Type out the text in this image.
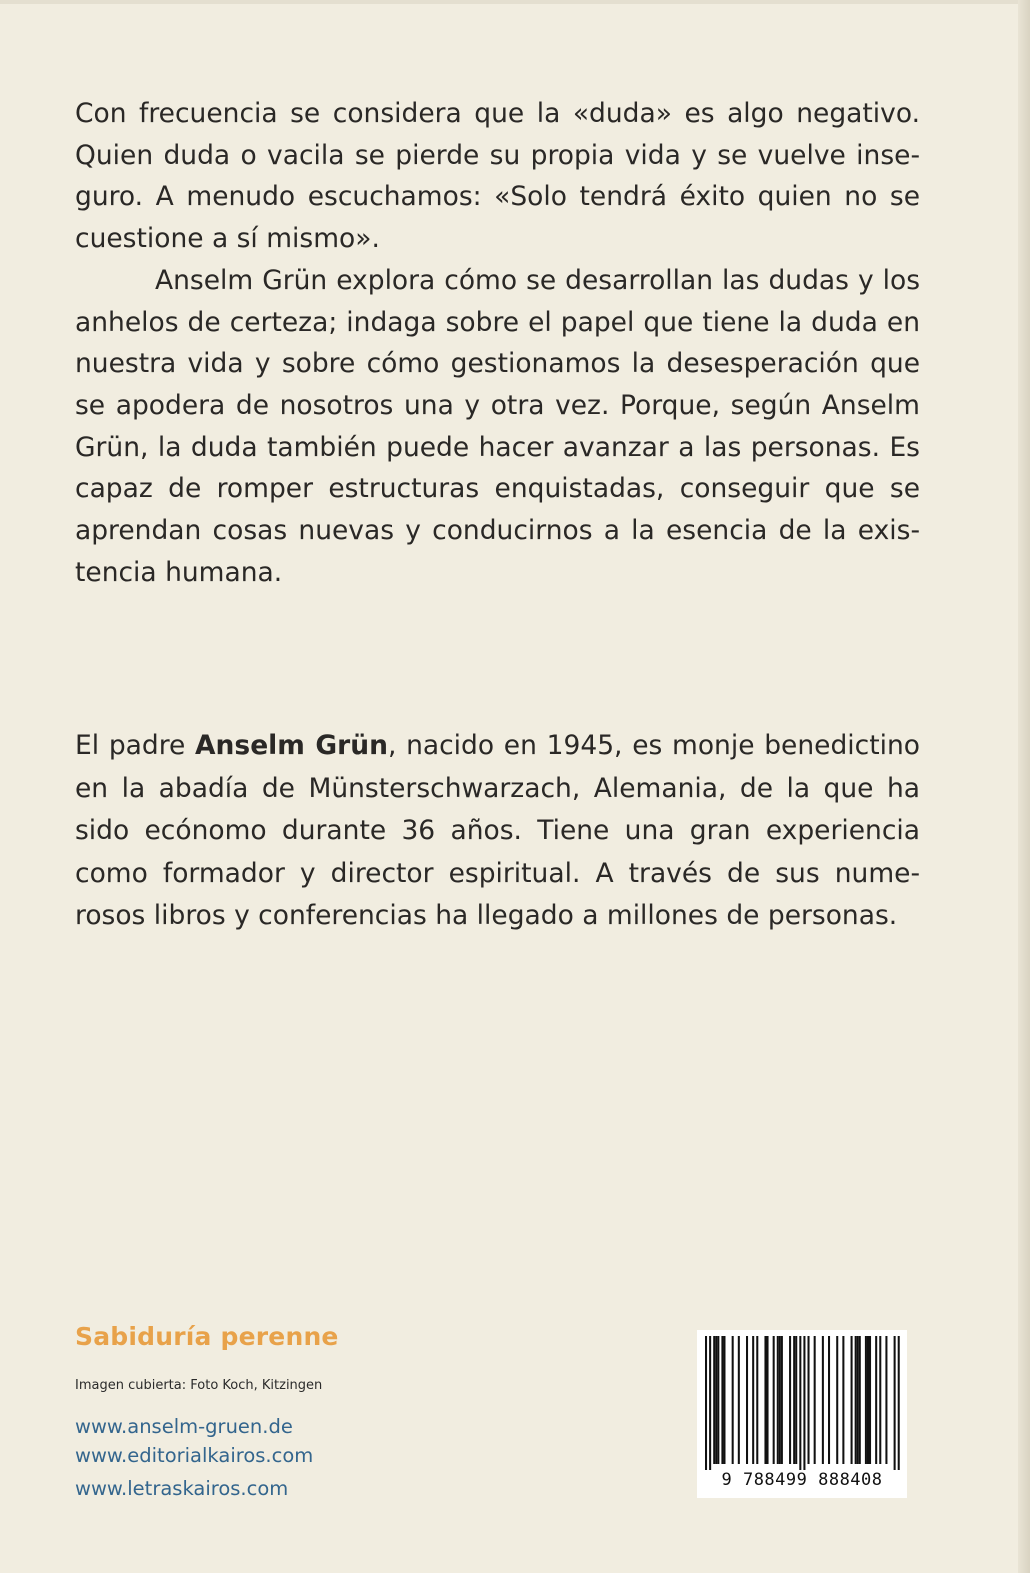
Con frecuencia se considera que la «duda» es algo negativo. Quien duda o vacila se pierde su propia vida y se vuelve inseguro. A menudo escuchamos: «Solo tendrá éxito quien no se cuestione a sí mismo».

Anselm Grün explora cómo se desarrollan las dudas y los anhelos de certeza; indaga sobre el papel que tiene la duda en nuestra vida y sobre cómo gestionamos la desesperación que se apodera de nosotros una y otra vez. Porque, según Anselm Grün, la duda también puede hacer avanzar a las personas. Es capaz de romper estructuras enquistadas, conseguir que se aprendan cosas nuevas y conducirnos a la esencia de la existencia humana.

El padre Anselm Grün, nacido en 1945, es monje benedictino en la abadía de Münsterschwarzach, Alemania, de la que ha sido ecónomo durante 36 años. Tiene una gran experiencia como formador y director espiritual. A través de sus numerosos libros y conferencias ha llegado a millones de personas.

Sabiduría perenne
Imagen cubierta: Foto Koch, Kitzingen
www.anselm-gruen.de
www.editorialkairos.com
www.letraskairos.com	9 788499 888408
